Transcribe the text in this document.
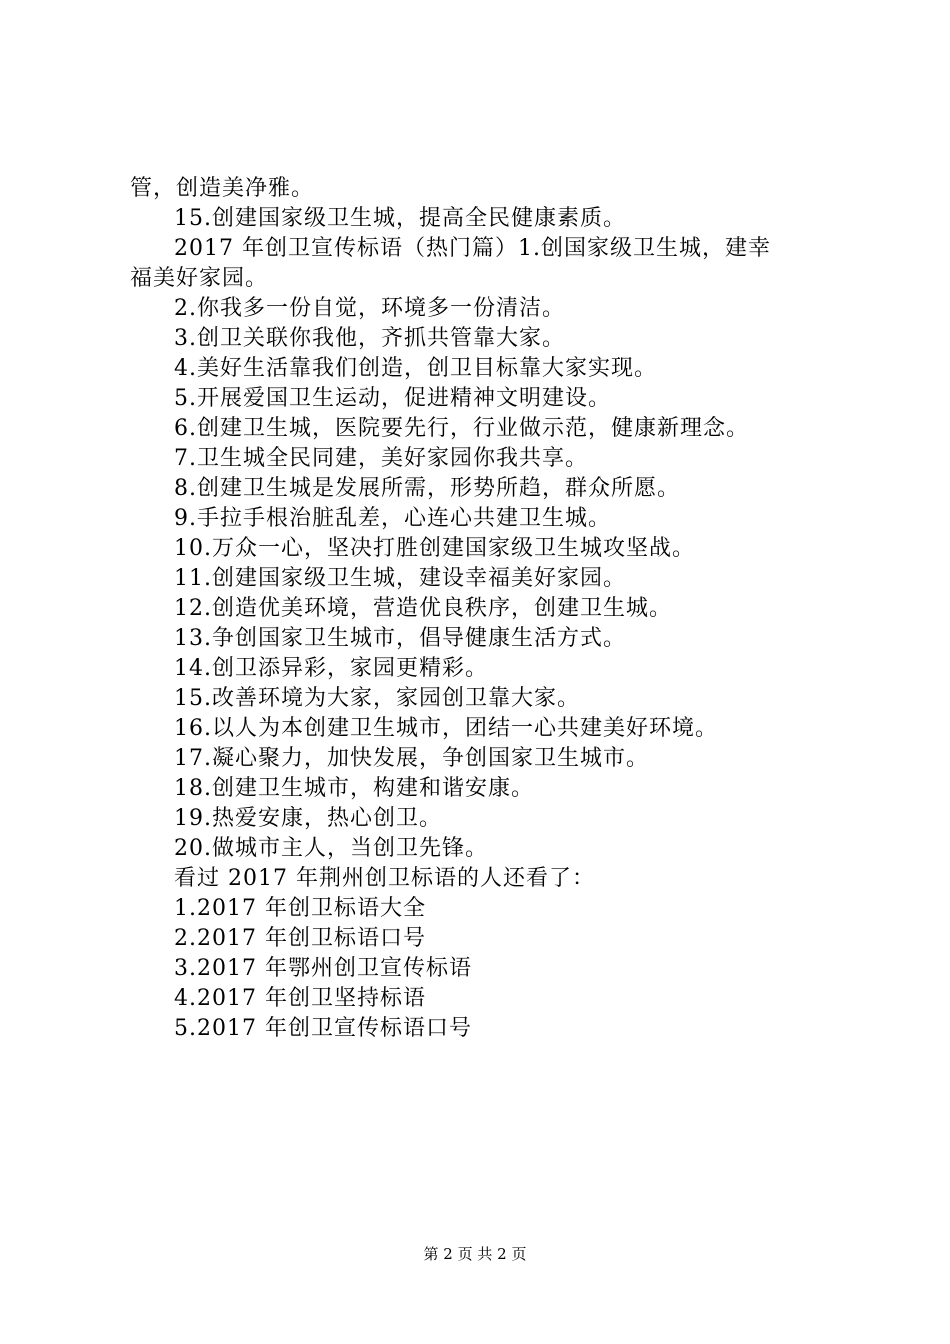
管，创造美净雅。
15.创建国家级卫生城，提高全民健康素质。
2017 年创卫宣传标语（热门篇）1.创国家级卫生城，建幸
福美好家园。
2.你我多一份自觉，环境多一份清洁。
3.创卫关联你我他，齐抓共管靠大家。
4.美好生活靠我们创造，创卫目标靠大家实现。
5.开展爱国卫生运动，促进精神文明建设。
6.创建卫生城，医院要先行，行业做示范，健康新理念。
7.卫生城全民同建，美好家园你我共享。
8.创建卫生城是发展所需，形势所趋，群众所愿。
9.手拉手根治脏乱差，心连心共建卫生城。
10.万众一心，坚决打胜创建国家级卫生城攻坚战。
11.创建国家级卫生城，建设幸福美好家园。
12.创造优美环境，营造优良秩序，创建卫生城。
13.争创国家卫生城市，倡导健康生活方式。
14.创卫添异彩，家园更精彩。
15.改善环境为大家，家园创卫靠大家。
16.以人为本创建卫生城市，团结一心共建美好环境。
17.凝心聚力，加快发展，争创国家卫生城市。
18.创建卫生城市，构建和谐安康。
19.热爱安康，热心创卫。
20.做城市主人，当创卫先锋。
看过 2017 年荆州创卫标语的人还看了：
1.2017 年创卫标语大全
2.2017 年创卫标语口号
3.2017 年鄂州创卫宣传标语
4.2017 年创卫坚持标语
5.2017 年创卫宣传标语口号
第 2 页 共 2 页
